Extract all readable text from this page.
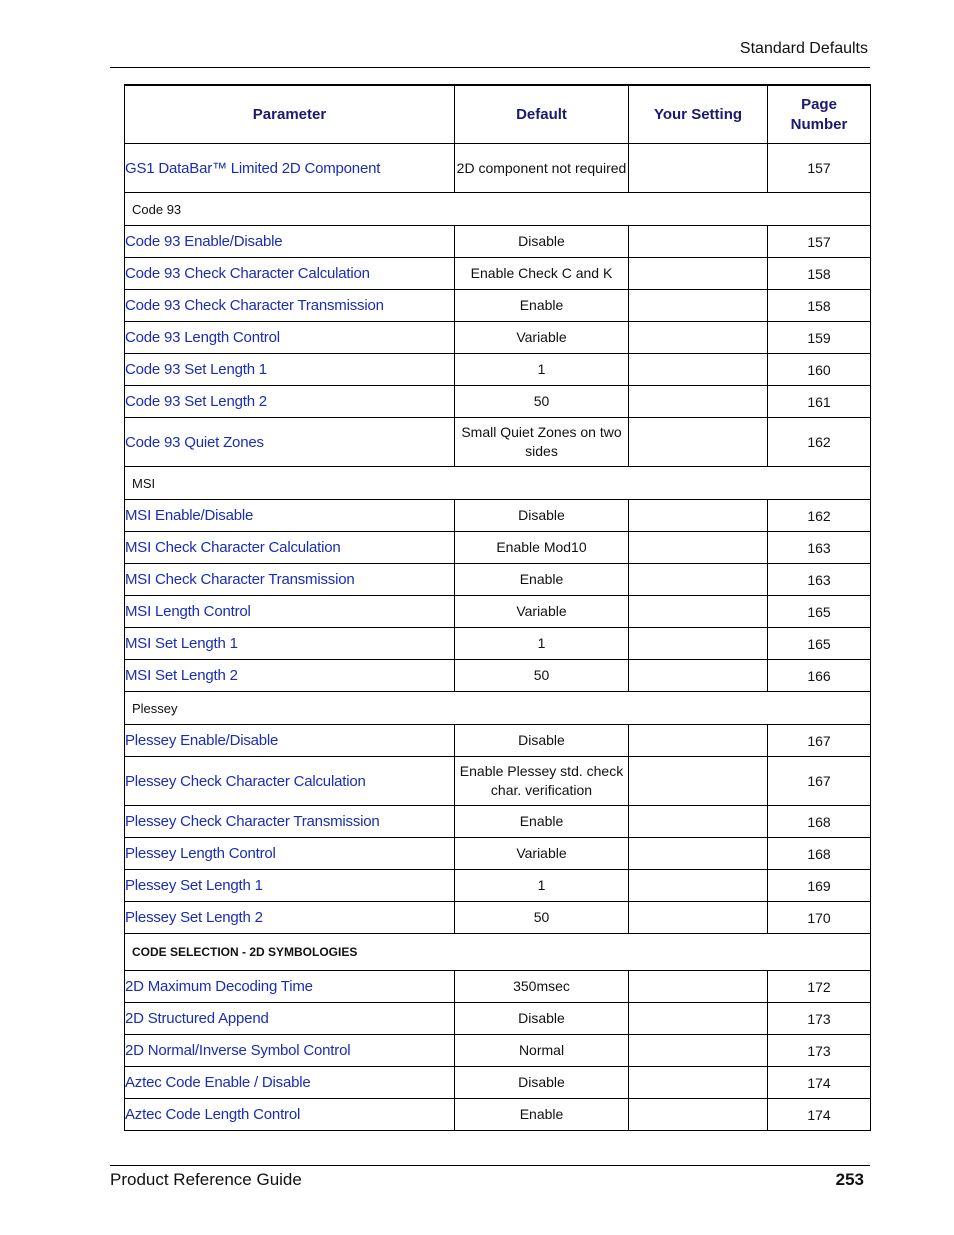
Standard Defaults
Parameter	Default	Your Setting	Page
Number

GS1 DataBar™ Limited 2D Component	2D component not required		157
Code 93			
Code 93 Enable/Disable	Disable		157
Code 93 Check Character Calculation	Enable Check C and K		158
Code 93 Check Character Transmission	Enable		158
Code 93 Length Control	Variable		159
Code 93 Set Length 1	1		160
Code 93 Set Length 2	50		161
Code 93 Quiet Zones	Small Quiet Zones on two sides		162
MSI			
MSI Enable/Disable	Disable		162
MSI Check Character Calculation	Enable Mod10		163
MSI Check Character Transmission	Enable		163
MSI Length Control	Variable		165
MSI Set Length 1	1		165
MSI Set Length 2	50		166
Plessey			
Plessey Enable/Disable	Disable		167
Plessey Check Character Calculation	Enable Plessey std. check char. verification		167
Plessey Check Character Transmission	Enable		168
Plessey Length Control	Variable		168
Plessey Set Length 1	1		169
Plessey Set Length 2	50		170
CODE SELECTION - 2D SYMBOLOGIES			
2D Maximum Decoding Time	350msec		172
2D Structured Append	Disable		173
2D Normal/Inverse Symbol Control	Normal		173
Aztec Code Enable / Disable	Disable		174
Aztec Code Length Control	Enable		174
Product Reference Guide	253
